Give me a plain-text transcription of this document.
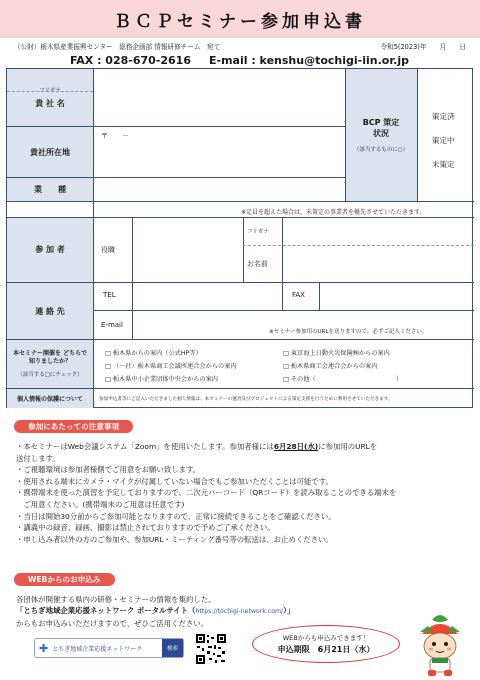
ＢＣＰセミナー参加申込書
（公財）栃木県産業振興センター　総務企画部 情報研修チーム　宛て	令和5(2023)年　　月　　日
FAX : 028-670-2616 E-mail : kenshu@tochigi-iin.or.jp
フリガナ
貴 社 名
貴社所在地
業　　種
BCP 策定状況
（該当するものに○）
策定済
策定中
未策定
〒　　－
※定員を超えた場合は、未策定の事業者を優先させていただきます。
参 加 者	役職
フリガナ
お名前
連 絡 先
TEL	FAX
E-mail
※セミナー参加用のURLを送りますので、必ずご記入ください。
本セミナー開催を どちらで知りましたか？
（該当する□にチェック）
□ 栃木県からの案内（公式HP等）	□ 東京海上日動火災保険㈱からの案内
□ （一社）栃木県商工会議所連合会からの案内	□ 栃木県商工会連合会からの案内
□ 栃木県中小企業団体中央会からの案内	□ その他（　　　　　　　　　　　　　）
個人情報の保護について	参加申込書等にご記入いただきました個人情報は、本セミナーの運営及びプロジェクトによる策定支援を行うために利用させていただきます。
参加にあたっての注意事項

・本セミナーはWeb会議システム「Zoom」を使用いたします。参加者様には6月28日(水)に参加用のURLを

送付します。

・ご視聴環境は参加者様側でご用意をお願い致します。

・使用される端末にカメラ・マイクが付属していない場合でもご参加いただくことは可能です。

・携帯端末を使った演習を予定しておりますので、二次元バーコード（QRコード）を読み取ることのできる端末を

　ご用意ください。(携帯端末のご用意は任意です)

・当日は開始30分前からご参加可能となりますので、正常に接続できることをご確認ください。

・講義中の録音、録画、撮影は禁止されておりますので予めご了承ください。

・申し込み者以外の方のご参加や、参加URL・ミーティング番号等の転送は、お止めください。

WEBからのお申込み

各団体が開催する県内の研修・セミナーの情報を集約した、

「とちぎ地域企業応援ネットワーク ポータルサイト（https://tochigi-network.com/）」

からもお申込みいただけますので、ぜひご活用ください。

✚ とちぎ地域企業応援ネットワーク	検索
WEBからも申込みできます！
申込期限　6月21日（水）
